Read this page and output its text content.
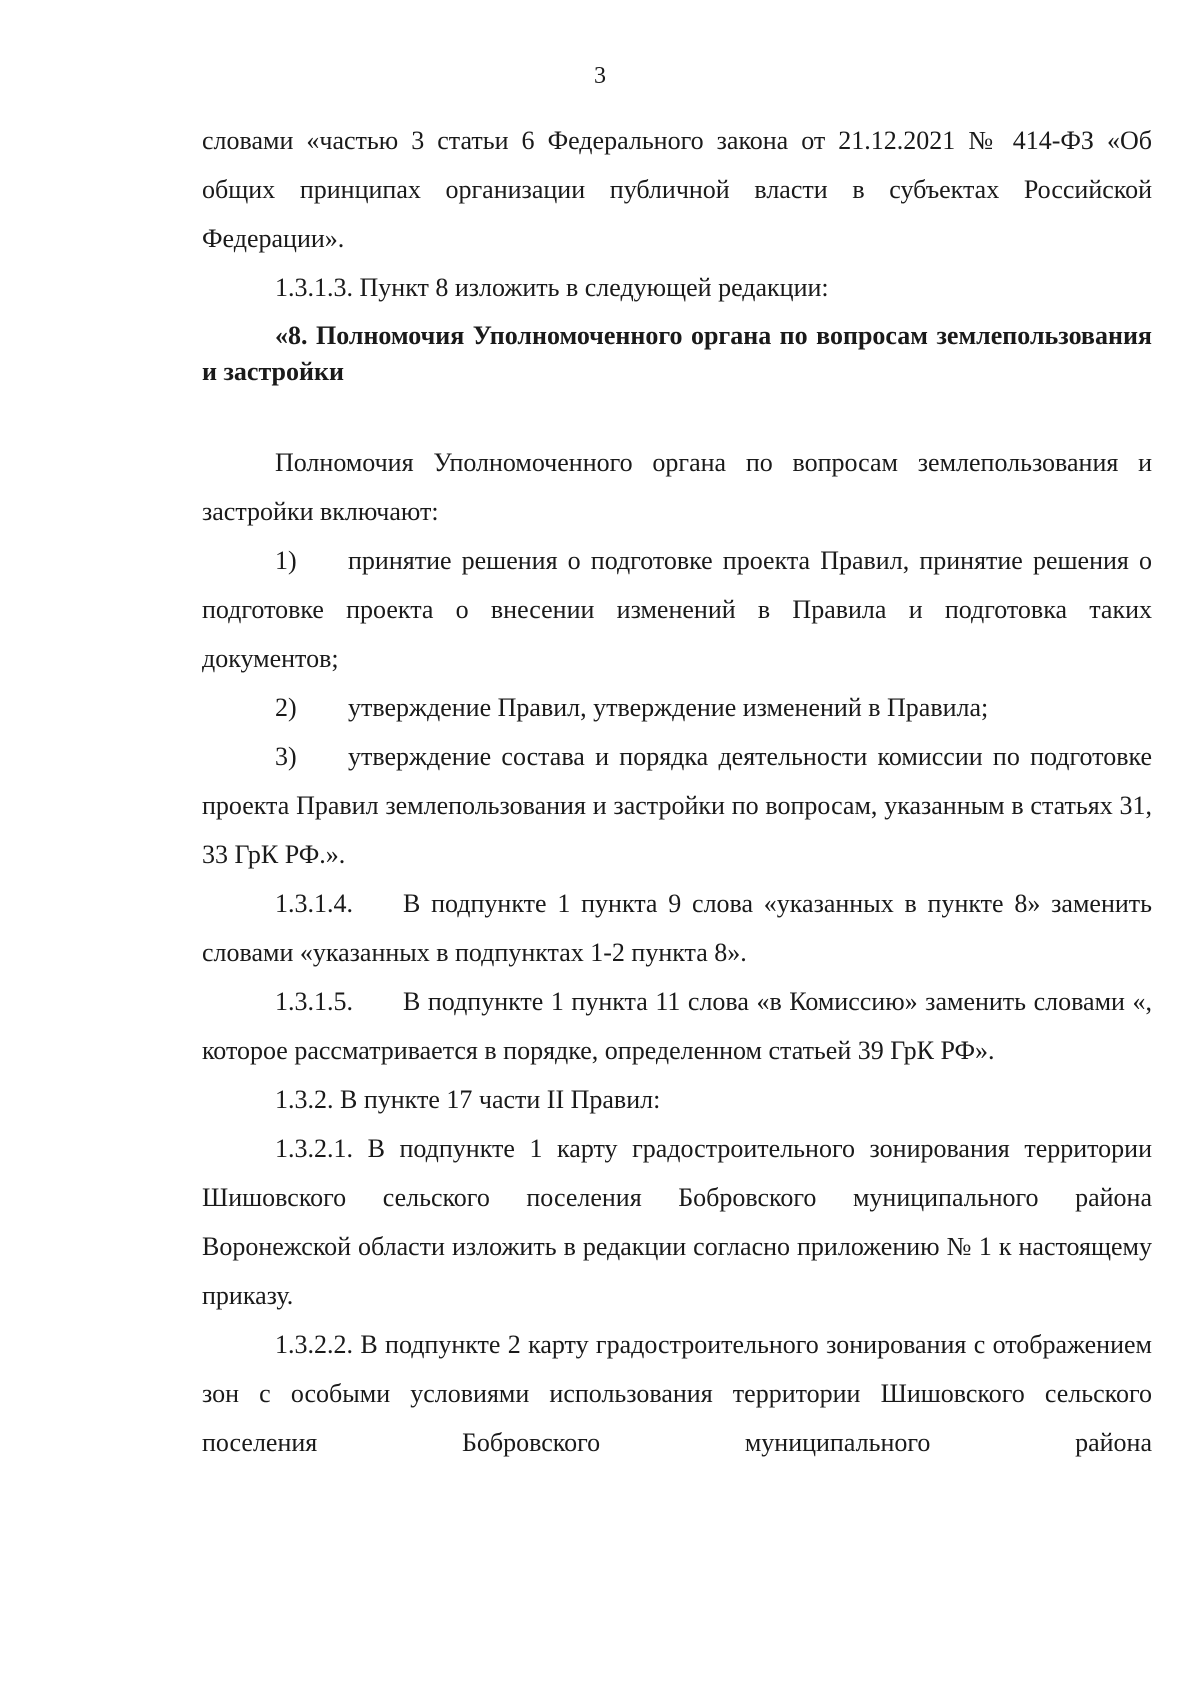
3

словами «частью 3 статьи 6 Федерального закона от 21.12.2021 № 414-ФЗ «Об общих принципах организации публичной власти в субъектах Российской Федерации».

1.3.1.3. Пункт 8 изложить в следующей редакции:

«8. Полномочия Уполномоченного органа по вопросам землепользования и застройки

Полномочия Уполномоченного органа по вопросам землепользования и застройки включают:

1) принятие решения о подготовке проекта Правил, принятие решения о подготовке проекта о внесении изменений в Правила и подготовка таких документов;

2) утверждение Правил, утверждение изменений в Правила;

3) утверждение состава и порядка деятельности комиссии по подготовке проекта Правил землепользования и застройки по вопросам, указанным в статьях 31, 33 ГрК РФ.».

1.3.1.4. В подпункте 1 пункта 9 слова «указанных в пункте 8» заменить словами «указанных в подпунктах 1-2 пункта 8».

1.3.1.5. В подпункте 1 пункта 11 слова «в Комиссию» заменить словами «, которое рассматривается в порядке, определенном статьей 39 ГрК РФ».

1.3.2. В пункте 17 части II Правил:

1.3.2.1. В подпункте 1 карту градостроительного зонирования территории Шишовского сельского поселения Бобровского муниципального района Воронежской области изложить в редакции согласно приложению № 1 к настоящему приказу.

1.3.2.2. В подпункте 2 карту градостроительного зонирования с отображением зон с особыми условиями использования территории Шишовского сельского поселения Бобровского муниципального района
